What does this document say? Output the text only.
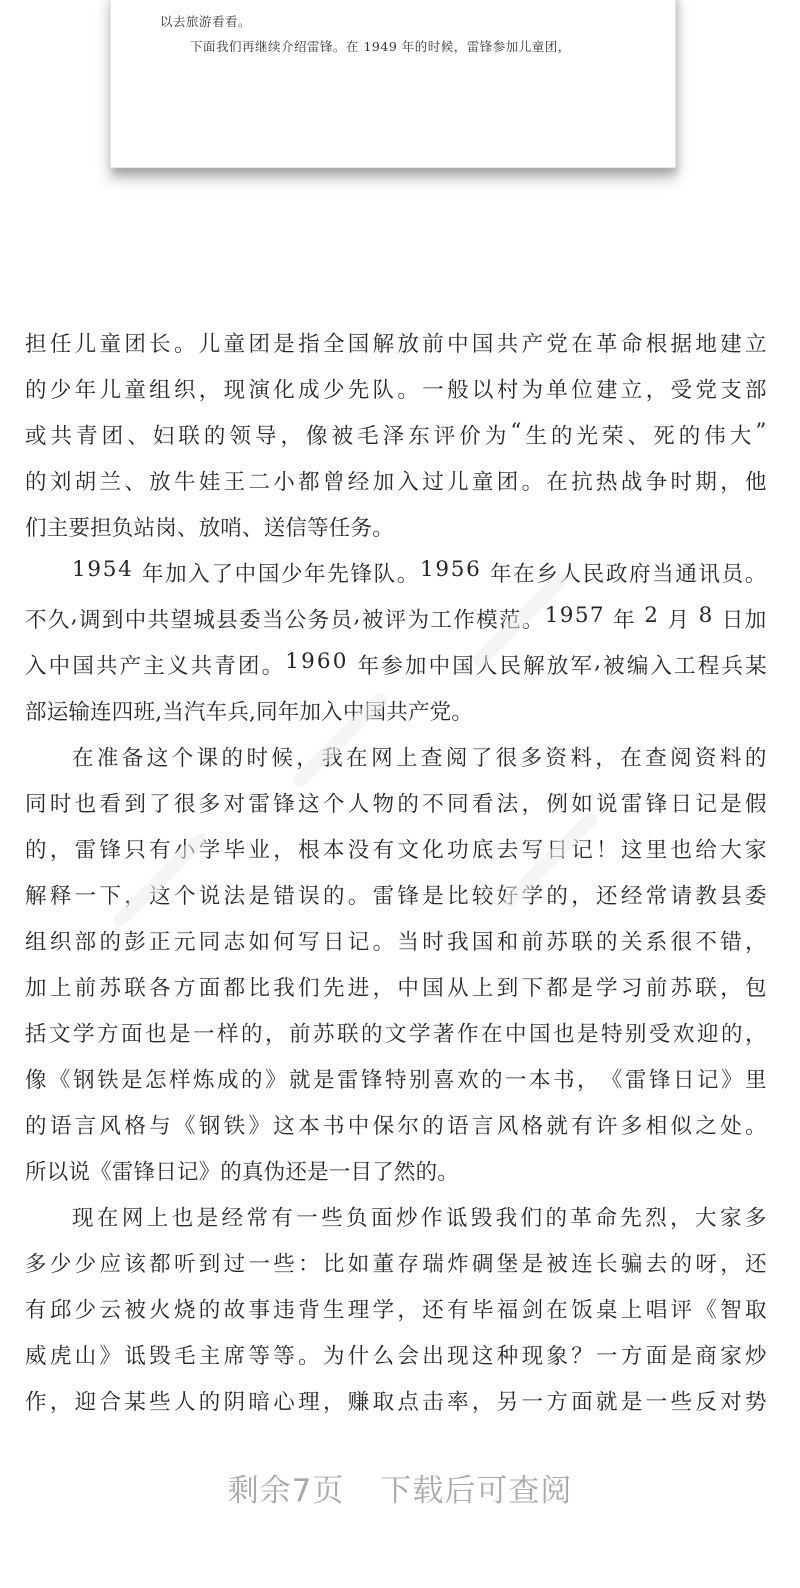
以去旅游看看。
下面我们再继续介绍雷锋。在 1949 年的时候，雷锋参加儿童团，
担 任 儿 童 团 长 。 儿 童 团 是 指 全 国 解 放 前 中 国 共 产 党 在 革 命 根 据 地 建 立
的 少 年 儿 童 组 织 ， 现 演 化 成 少 先 队 。 一 般 以 村 为 单 位 建 立 ， 受 党 支 部
或 共 青 团 、 妇 联 的 领 导 ， 像 被 毛 泽 东 评 价 为 “ 生 的 光 荣 、 死 的 伟 大 ”
的 刘 胡 兰 、 放 牛 娃 王 二 小 都 曾 经 加 入 过 儿 童 团 。 在 抗 热 战 争 时 期 ， 他
们主要担负站岗、放哨、送信等任务。
1 9 5 4
年 加 入 了 中 国 少 年 先 锋 队 。 1 9 5 6
年 在 乡 人 民 政 府 当 通 讯 员 。
不 久 , 调 到 中 共 望 城 县 委 当 公 务 员 , 被 评 为 工 作 模 范 。 1 9 5 7
年
2
月
8
日 加
入 中 国 共 产 主 义 共 青 团 。 1 9 6 0
年 参 加 中 国 人 民 解 放 军 , 被 编 入 工 程 兵 某
部运输连四班,当汽车兵,同年加入中国共产党。
在 准 备 这 个 课 的 时 候 ， 我 在 网 上 查 阅 了 很 多 资 料 ， 在 查 阅 资 料 的
同 时 也 看 到 了 很 多 对 雷 锋 这 个 人 物 的 不 同 看 法 ， 例 如 说 雷 锋 日 记 是 假
的 ， 雷 锋 只 有 小 学 毕 业 ， 根 本 没 有 文 化 功 底 去 写 日 记 ！ 这 里 也 给 大 家
解 释 一 下 ， 这 个 说 法 是 错 误 的 。 雷 锋 是 比 较 好 学 的 ， 还 经 常 请 教 县 委
组 织 部 的 彭 正 元 同 志 如 何 写 日 记 。 当 时 我 国 和 前 苏 联 的 关 系 很 不 错 ，
加 上 前 苏 联 各 方 面 都 比 我 们 先 进 ， 中 国 从 上 到 下 都 是 学 习 前 苏 联 ， 包
括 文 学 方 面 也 是 一 样 的 ， 前 苏 联 的 文 学 著 作 在 中 国 也 是 特 别 受 欢 迎 的 ，
像 《 钢 铁 是 怎 样 炼 成 的 》 就 是 雷 锋 特 别 喜 欢 的 一 本 书 ， 《 雷 锋 日 记 》 里
的 语 言 风 格 与 《 钢 铁 》 这 本 书 中 保 尔 的 语 言 风 格 就 有 许 多 相 似 之 处 。
所以说《雷锋日记》的真伪还是一目了然的。
现 在 网 上 也 是 经 常 有 一 些 负 面 炒 作 诋 毁 我 们 的 革 命 先 烈 ， 大 家 多
多 少 少 应 该 都 听 到 过 一 些 ： 比 如 董 存 瑞 炸 碉 堡 是 被 连 长 骗 去 的 呀 ， 还
有 邱 少 云 被 火 烧 的 故 事 违 背 生 理 学 ， 还 有 毕 福 剑 在 饭 桌 上 唱 评 《 智 取
威 虎 山 》 诋 毁 毛 主 席 等 等 。 为 什 么 会 出 现 这 种 现 象 ？ 一 方 面 是 商 家 炒
作 ， 迎 合 某 些 人 的 阴 暗 心 理 ， 赚 取 点 击 率 ， 另 一 方 面 就 是 一 些 反 对 势
剩余7页 下载后可查阅
